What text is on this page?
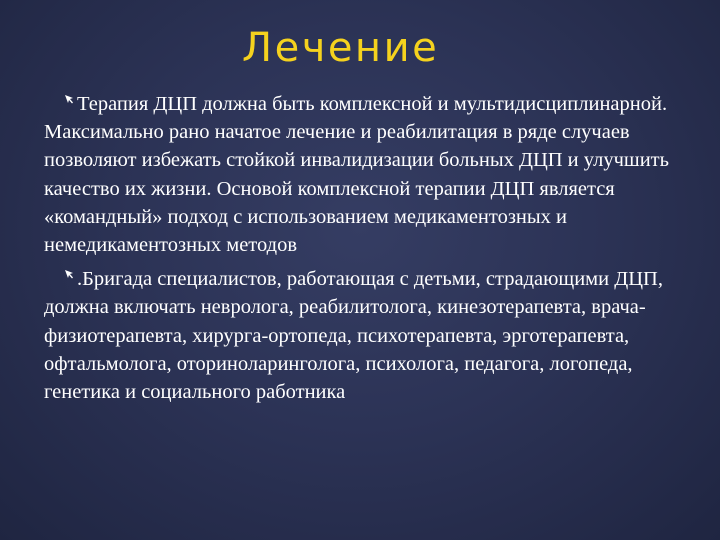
Лечение

Терапия ДЦП должна быть комплексной и мультидисциплинарной. Максимально рано начатое лечение и реабилитация в ряде случаев позволяют избежать стойкой инвалидизации больных ДЦП и улучшить качество их жизни. Основой комплексной терапии ДЦП является «командный» подход с использованием медикаментозных и немедикаментозных методов

.Бригада специалистов, работающая с детьми, страдающими ДЦП, должна включать невролога, реабилитолога, кинезотерапевта, врача-физиотерапевта, хирурга-ортопеда, психотерапевта, эрготерапевта, офтальмолога, оториноларинголога, психолога, педагога, логопеда, генетика и социального работника
